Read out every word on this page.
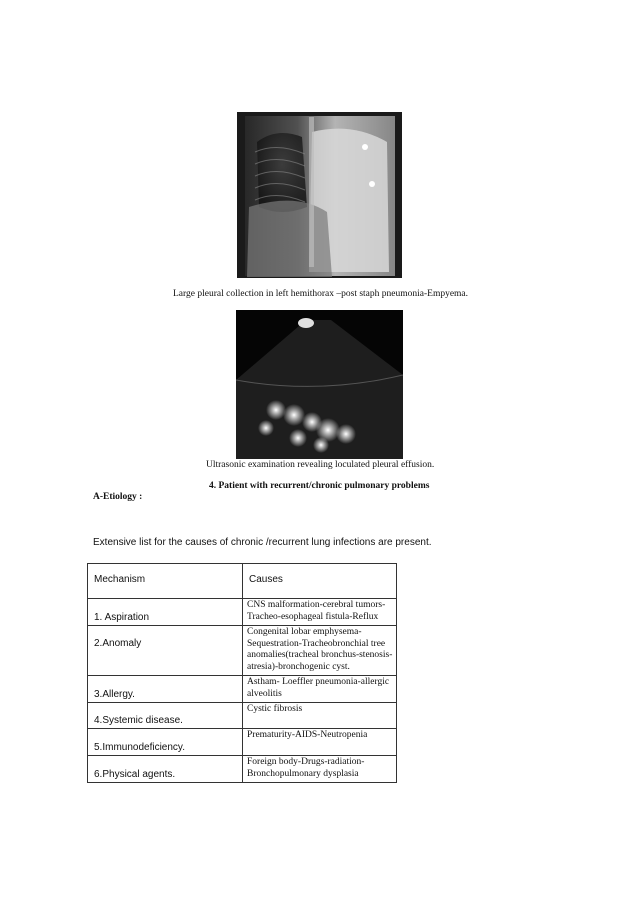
Large pleural collection in left hemithorax –post staph pneumonia-Empyema.
Ultrasonic examination revealing loculated pleural effusion.
4. Patient with recurrent/chronic pulmonary problems
A-Etiology :
Extensive list for the causes of chronic /recurrent lung infections are present.
Mechanism	Causes

1. Aspiration	CNS malformation-cerebral tumors- Tracheo-esophageal fistula-Reflux

2.Anomaly	Congenital lobar emphysema- Sequestration-Tracheobronchial tree anomalies(tracheal bronchus-stenosis-atresia)-bronchogenic cyst.

3.Allergy.	Astham- Loeffler pneumonia-allergic alveolitis

4.Systemic disease.	Cystic fibrosis

5.Immunodeficiency.	Prematurity-AIDS-Neutropenia

6.Physical agents.	Foreign body-Drugs-radiation- Bronchopulmonary dysplasia
